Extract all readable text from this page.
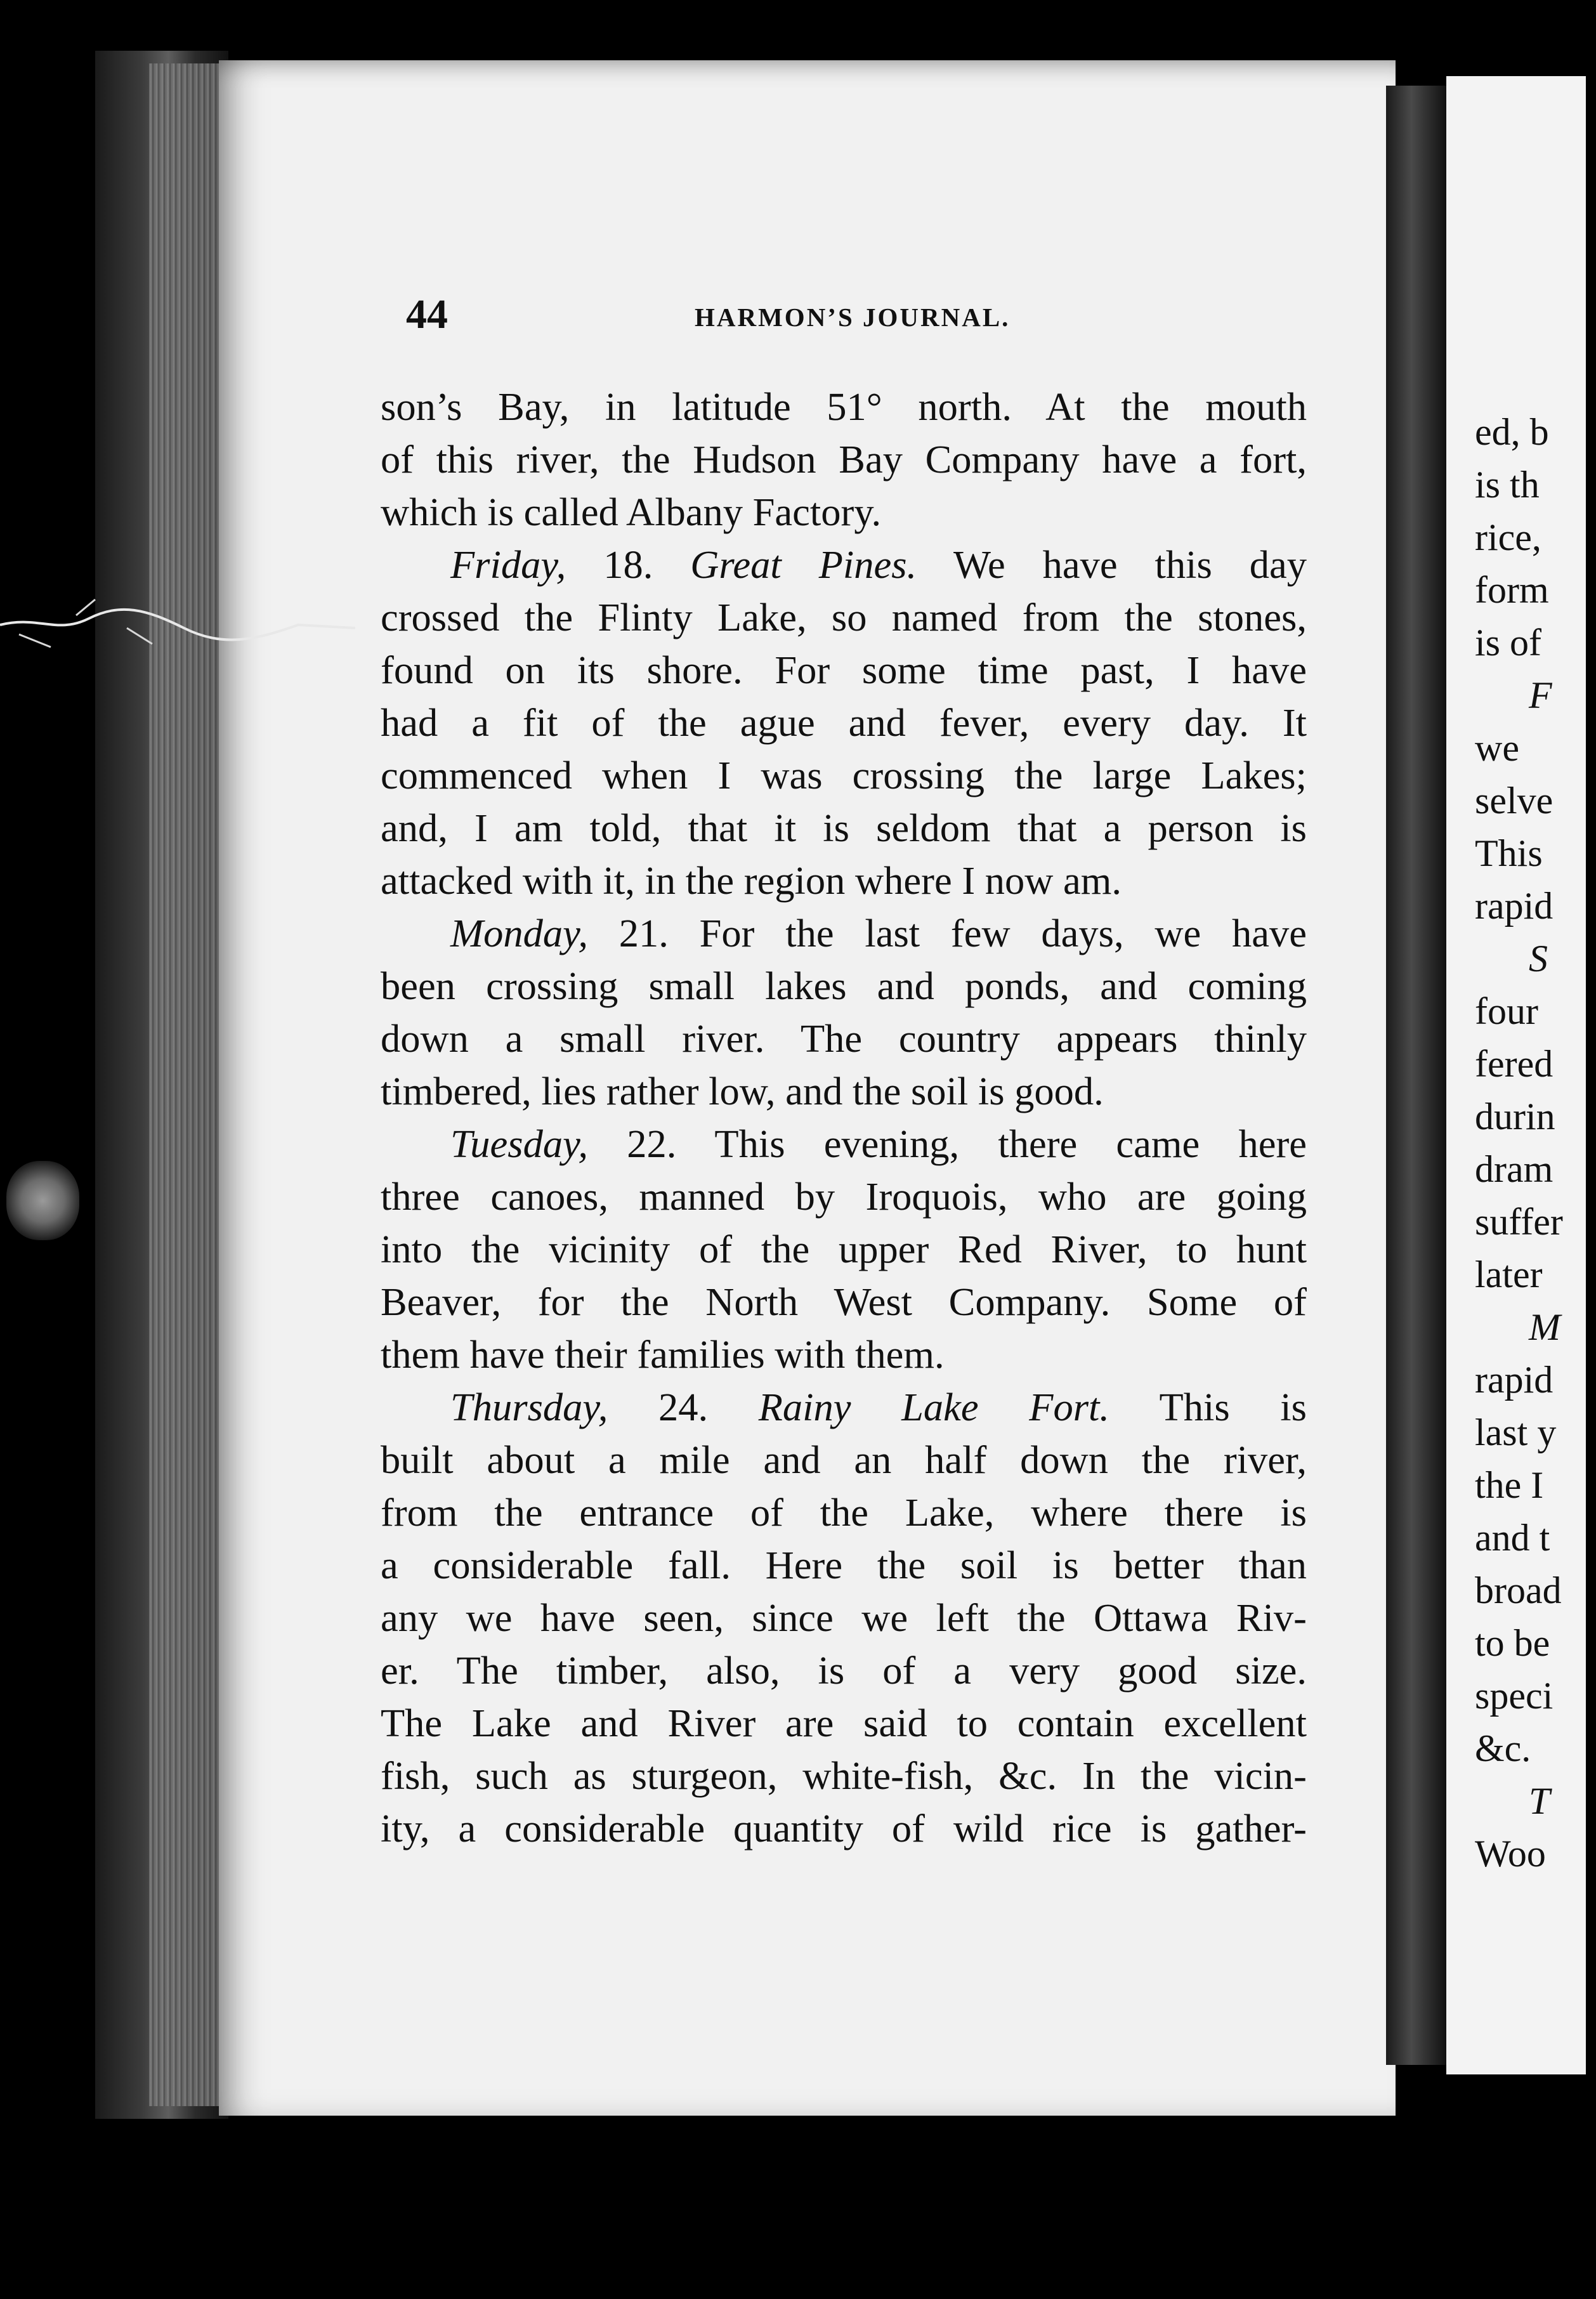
44	HARMON’S JOURNAL.
son’s Bay, in latitude 51° north. At the mouth
of this river, the Hudson Bay Company have a fort,
which is called Albany Factory.
Friday, 18. Great Pines. We have this day
crossed the Flinty Lake, so named from the stones,
found on its shore. For some time past, I have
had a fit of the ague and fever, every day. It
commenced when I was crossing the large Lakes;
and, I am told, that it is seldom that a person is
attacked with it, in the region where I now am.
Monday, 21. For the last few days, we have
been crossing small lakes and ponds, and coming
down a small river. The country appears thinly
timbered, lies rather low, and the soil is good.
Tuesday, 22. This evening, there came here
three canoes, manned by Iroquois, who are going
into the vicinity of the upper Red River, to hunt
Beaver, for the North West Company. Some of
them have their families with them.
Thursday, 24. Rainy Lake Fort. This is
built about a mile and an half down the river,
from the entrance of the Lake, where there is
a considerable fall. Here the soil is better than
any we have seen, since we left the Ottawa Riv-
er. The timber, also, is of a very good size.
The Lake and River are said to contain excellent
fish, such as sturgeon, white-fish, &c. In the vicin-
ity, a considerable quantity of wild rice is gather-
ed, b
is th
rice,
form
is of
F
we
selve
This
rapid
S
four
fered
durin
dram
suffer
later
M
rapid
last y
the I
and t
broad
to be
speci
&c.
T
Woo
